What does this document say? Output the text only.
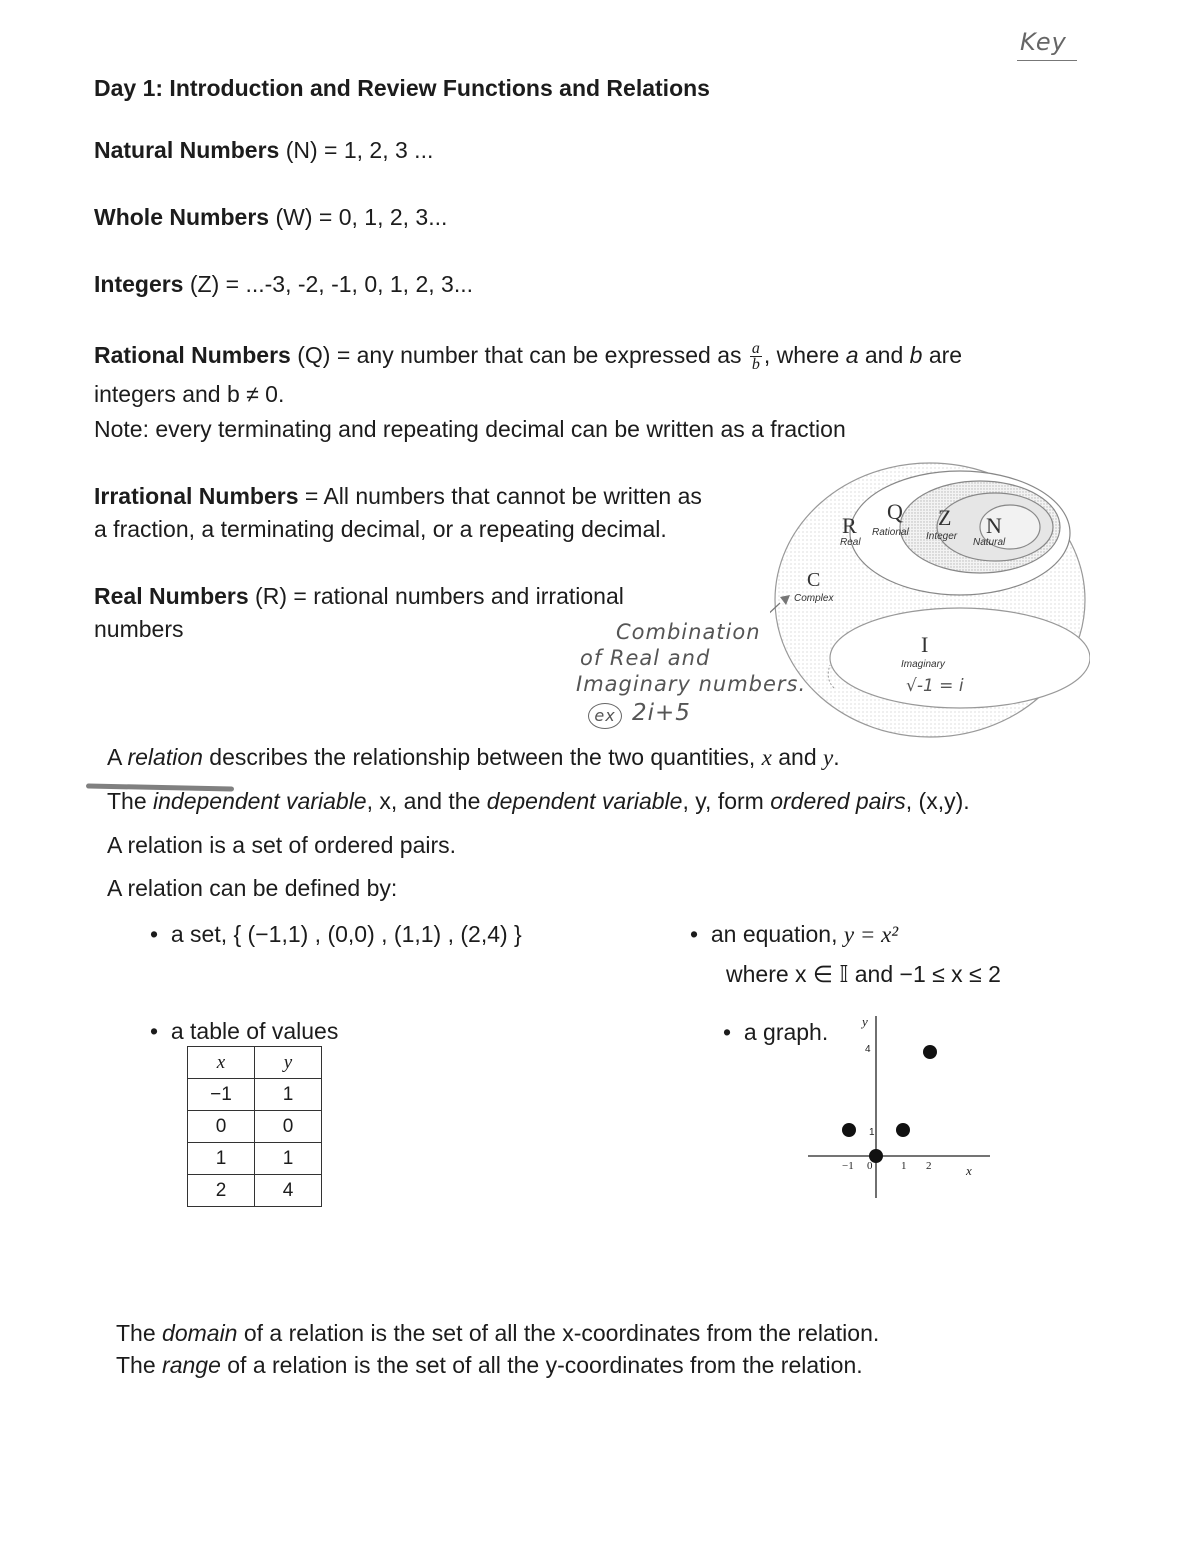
Key
Day 1: Introduction and Review Functions and Relations
Natural Numbers (N) = 1, 2, 3 ...
Whole Numbers (W) = 0, 1, 2, 3...
Integers (Z) = ...-3, -2, -1, 0, 1, 2, 3...
Rational Numbers (Q) = any number that can be expressed as $\frac{a}{b}$ , where a and b are
integers and b ≠ 0.
Note: every terminating and repeating decimal can be written as a fraction
Irrational Numbers = All numbers that cannot be written as
a fraction, a terminating decimal, or a repeating decimal.
Real Numbers (R) = rational numbers and irrational
numbers
R
Real
Q
Rational
Z
Integer N
Natural
C
Complex
I
Imaginary
√-1 = i
Combination
of Real and
Imaginary numbers.
ex 2i+5
A relation describes the relationship between the two quantities, x and y.
The independent variable, x, and the dependent variable, y, form ordered pairs, (x,y).
A relation is a set of ordered pairs.
A relation can be defined by:
•  a set, { (−1,1) , (0,0) , (1,1) , (2,4) }	•  an equation, y = x²
where x ∈ 𝕀 and −1 ≤ x ≤ 2
•  a table of values	•  a graph.
x	y
−1	1
0	0
1	1
2	4
y
x
4
1
−1 0	1 2
The domain of a relation is the set of all the x-coordinates from the relation.
The range of a relation is the set of all the y-coordinates from the relation.
